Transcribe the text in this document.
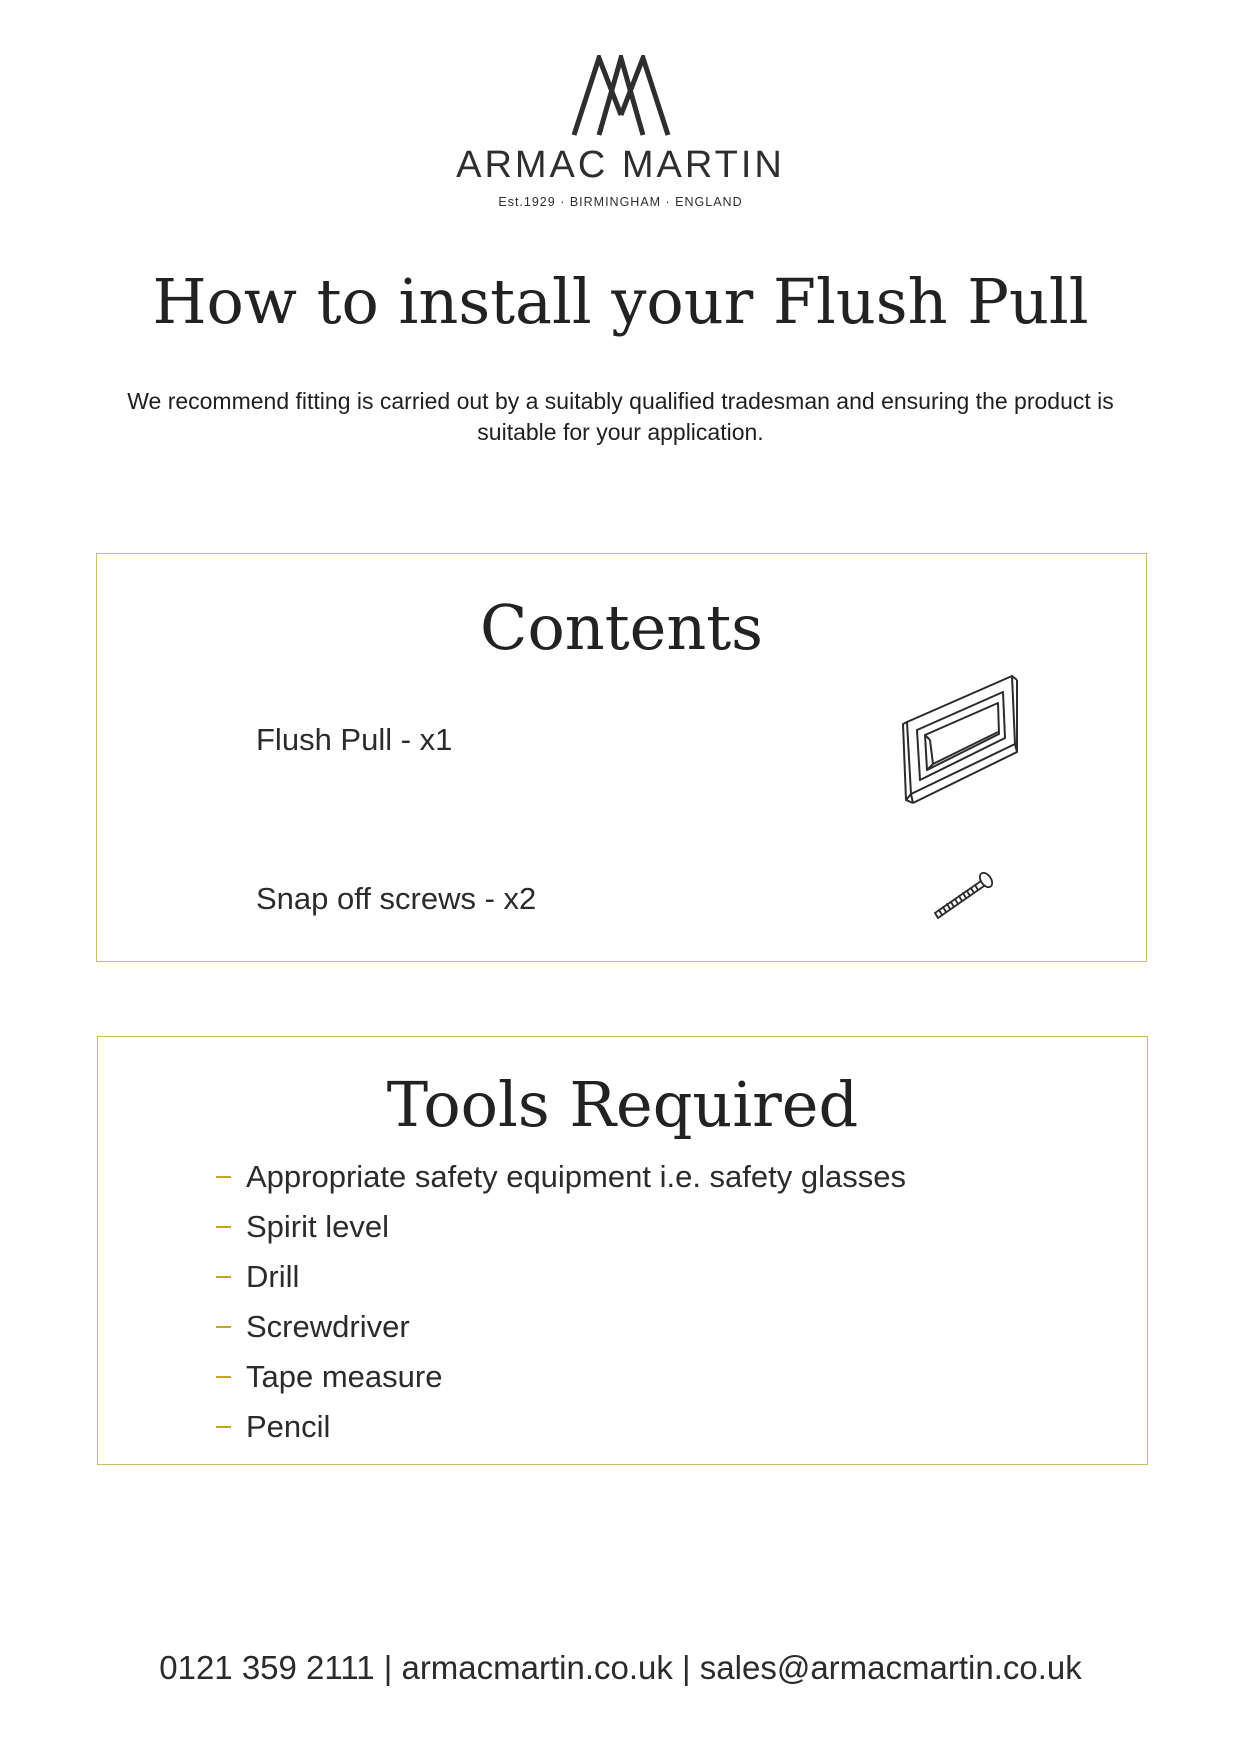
ARMAC MARTIN
Est.1929 · BIRMINGHAM · ENGLAND
How to install your Flush Pull

We recommend fitting is carried out by a suitably qualified tradesman and ensuring the product is suitable for your application.

Contents
Flush Pull - x1
Snap off screws - x2
Tools Required
Appropriate safety equipment i.e. safety glasses
Spirit level
Drill
Screwdriver
Tape measure
Pencil
0121 359 2111 | armacmartin.co.uk | sales@armacmartin.co.uk
